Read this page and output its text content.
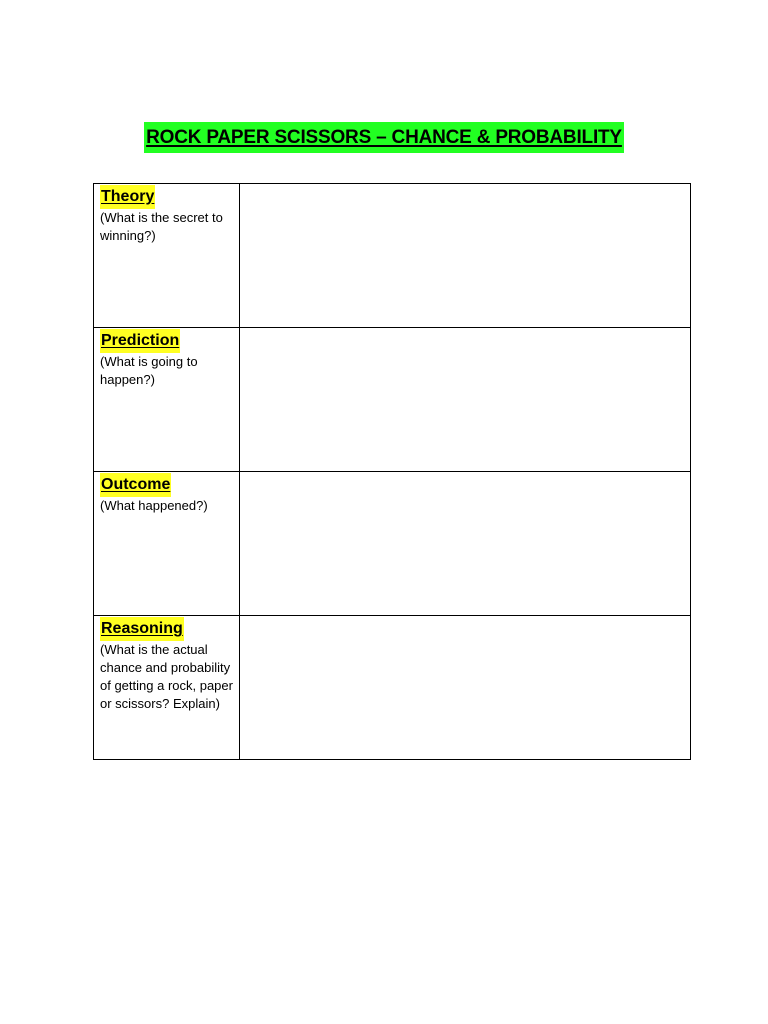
ROCK PAPER SCISSORS – CHANCE & PROBABILITY
Theory
(What is the secret to winning?)	

Prediction
(What is going to happen?)	

Outcome
(What happened?)	

Reasoning
(What is the actual chance and probability of getting a rock, paper or scissors? Explain)	
